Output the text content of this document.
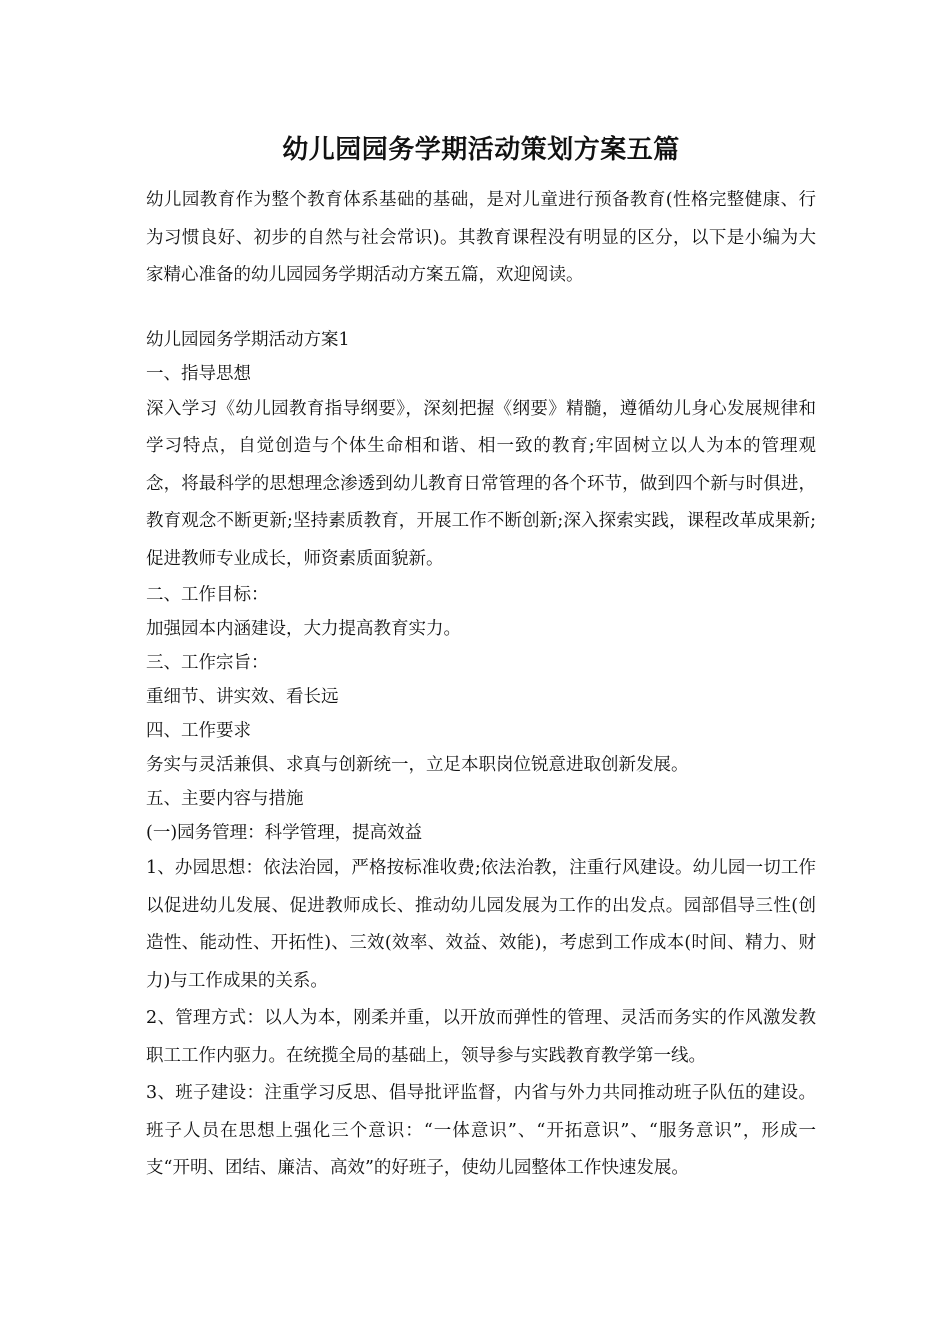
幼儿园园务学期活动策划方案五篇

幼儿园教育作为整个教育体系基础的基础，是对儿童进行预备教育(性格完整健康、行为习惯良好、初步的自然与社会常识)。其教育课程没有明显的区分，以下是小编为大家精心准备的幼儿园园务学期活动方案五篇，欢迎阅读。

幼儿园园务学期活动方案1

一、指导思想

深入学习《幼儿园教育指导纲要》，深刻把握《纲要》精髓，遵循幼儿身心发展规律和学习特点，自觉创造与个体生命相和谐、相一致的教育;牢固树立以人为本的管理观念，将最科学的思想理念渗透到幼儿教育日常管理的各个环节，做到四个新与时俱进，教育观念不断更新;坚持素质教育，开展工作不断创新;深入探索实践，课程改革成果新;促进教师专业成长，师资素质面貌新。

二、工作目标：

加强园本内涵建设，大力提高教育实力。

三、工作宗旨：

重细节、讲实效、看长远

四、工作要求

务实与灵活兼俱、求真与创新统一，立足本职岗位锐意进取创新发展。

五、主要内容与措施

(一)园务管理：科学管理，提高效益

1、办园思想：依法治园，严格按标准收费;依法治教，注重行风建设。幼儿园一切工作以促进幼儿发展、促进教师成长、推动幼儿园发展为工作的出发点。园部倡导三性(创造性、能动性、开拓性)、三效(效率、效益、效能)，考虑到工作成本(时间、精力、财力)与工作成果的关系。

2、管理方式：以人为本，刚柔并重，以开放而弹性的管理、灵活而务实的作风激发教职工工作内驱力。在统揽全局的基础上，领导参与实践教育教学第一线。

3、班子建设：注重学习反思、倡导批评监督，内省与外力共同推动班子队伍的建设。班子人员在思想上强化三个意识：“一体意识”、“开拓意识”、“服务意识”，形成一支“开明、团结、廉洁、高效”的好班子，使幼儿园整体工作快速发展。
